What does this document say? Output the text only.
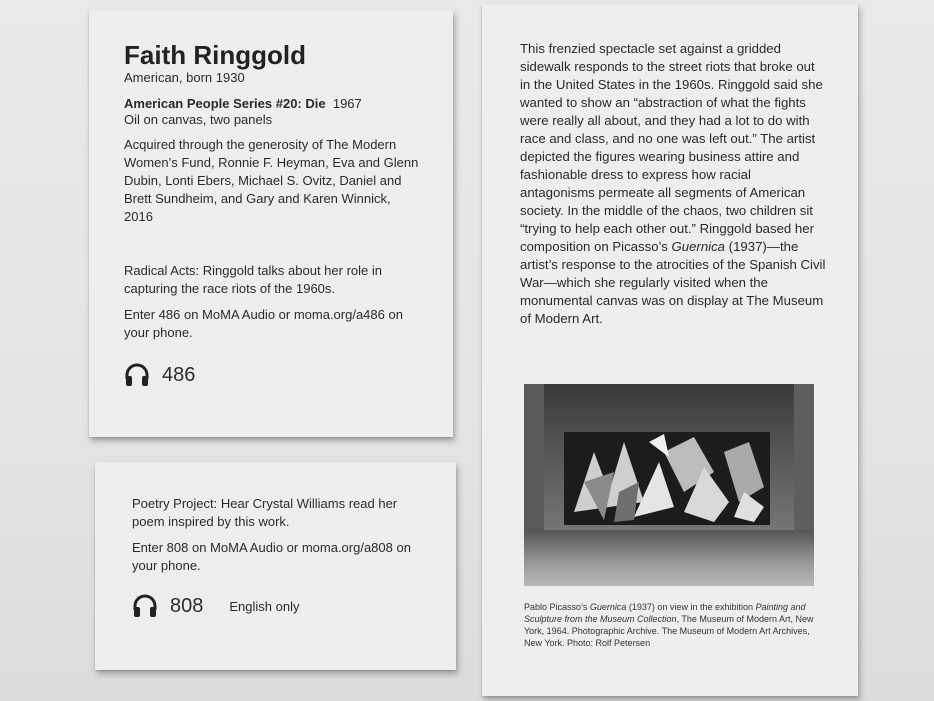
Faith Ringgold

American, born 1930

American People Series #20: Die 1967

Oil on canvas, two panels

Acquired through the generosity of The Modern Women’s Fund, Ronnie F. Heyman, Eva and Glenn Dubin, Lonti Ebers, Michael S. Ovitz, Daniel and Brett Sundheim, and Gary and Karen Winnick, 2016

Radical Acts: Ringgold talks about her role in capturing the race riots of the 1960s.

Enter 486 on MoMA Audio or moma.org/a486 on your phone.

486

Poetry Project: Hear Crystal Williams read her poem inspired by this work.

Enter 808 on MoMA Audio or moma.org/a808 on your phone.

808 English only

This frenzied spectacle set against a gridded sidewalk responds to the street riots that broke out in the United States in the 1960s. Ringgold said she wanted to show an “abstraction of what the fights were really all about, and they had a lot to do with race and class, and no one was left out.” The artist depicted the figures wearing business attire and fashionable dress to express how racial antagonisms permeate all segments of American society. In the middle of the chaos, two children sit “trying to help each other out.” Ringgold based her composition on Picasso’s Guernica (1937)—the artist’s response to the atrocities of the Spanish Civil War—which she regularly visited when the monumental canvas was on display at The Museum of Modern Art.

Pablo Picasso’s Guernica (1937) on view in the exhibition Painting and Sculpture from the Museum Collection, The Museum of Modern Art, New York, 1964. Photographic Archive. The Museum of Modern Art Archives, New York. Photo: Rolf Petersen
